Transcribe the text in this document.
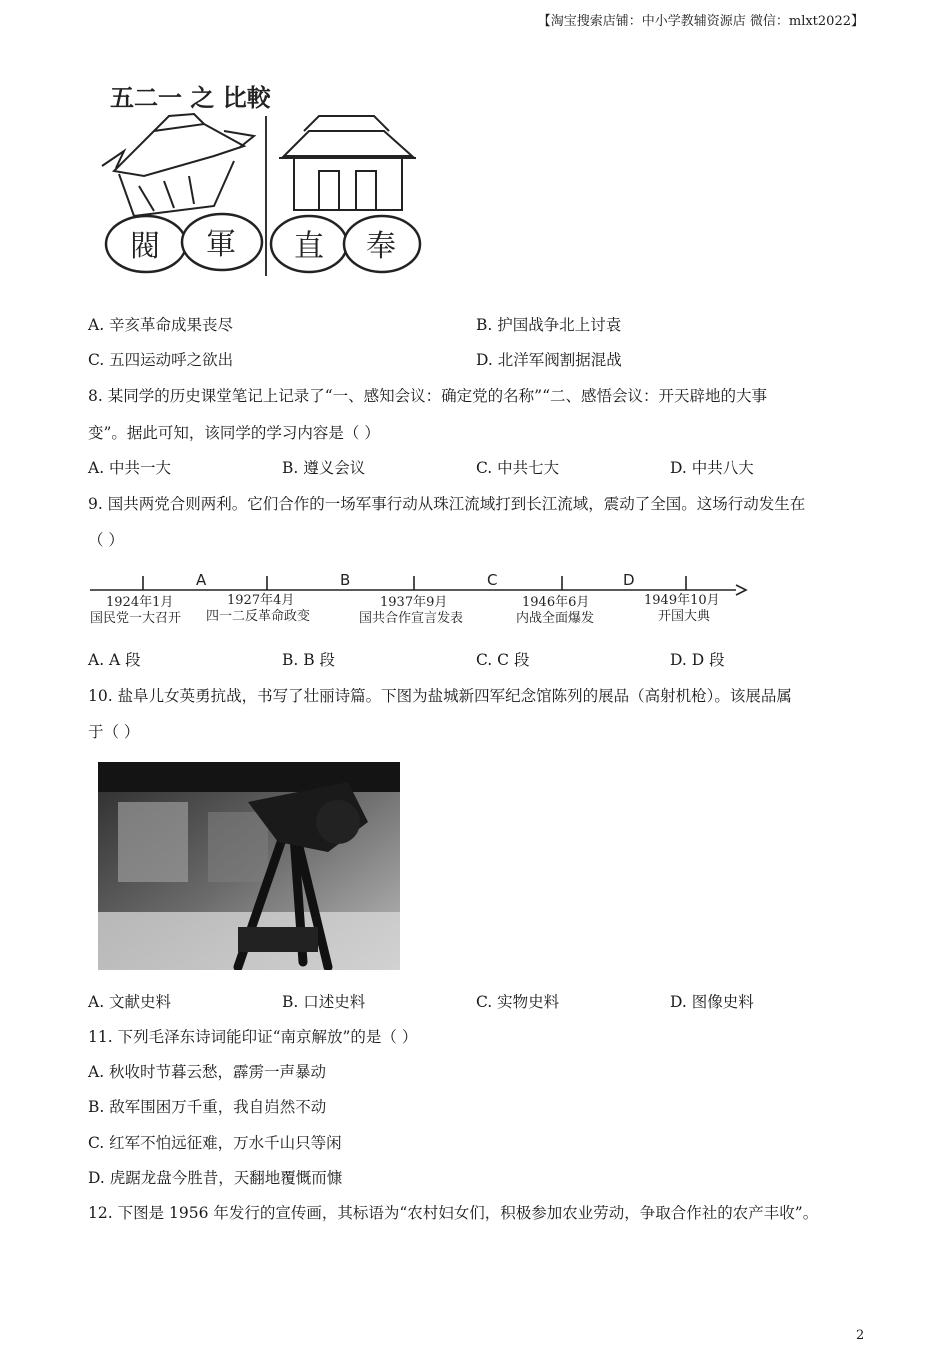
【淘宝搜索店铺：中小学教辅资源店 微信：mlxt2022】
五二一 之 比較
閥 軍 直 奉
A. 辛亥革命成果丧尽	B. 护国战争北上讨袁
C. 五四运动呼之欲出	D. 北洋军阀割据混战
8. 某同学的历史课堂笔记上记录了“一、感知会议：确定党的名称”“二、感悟会议：开天辟地的大事
变”。据此可知，该同学的学习内容是（ ）
A. 中共一大	B. 遵义会议	C. 中共七大	D. 中共八大
9. 国共两党合则两利。它们合作的一场军事行动从珠江流域打到长江流域，震动了全国。这场行动发生在
（ ）
A	B	C	D
1924年1月
国民党一大召开
1927年4月
四一二反革命政变
1937年9月
国共合作宣言发表
1946年6月
内战全面爆发
1949年10月
开国大典
A. A 段	B. B 段	C. C 段	D. D 段
10. 盐阜儿女英勇抗战，书写了壮丽诗篇。下图为盐城新四军纪念馆陈列的展品（高射机枪）。该展品属
于（ ）
A. 文献史料	B. 口述史料	C. 实物史料	D. 图像史料
11. 下列毛泽东诗词能印证“南京解放”的是（ ）
A. 秋收时节暮云愁，霹雳一声暴动
B. 敌军围困万千重，我自岿然不动
C. 红军不怕远征难，万水千山只等闲
D. 虎踞龙盘今胜昔，天翻地覆慨而慷
12. 下图是 1956 年发行的宣传画，其标语为“农村妇女们，积极参加农业劳动，争取合作社的农产丰收”。
2
